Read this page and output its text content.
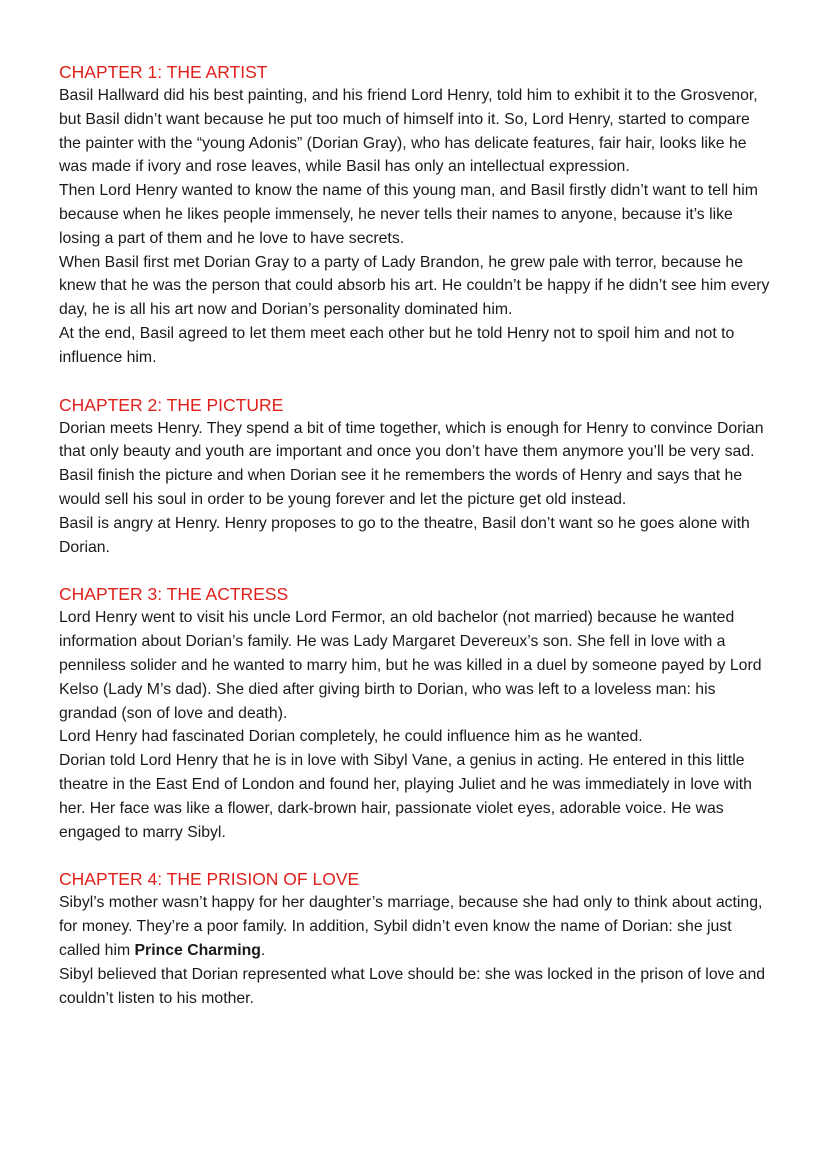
CHAPTER 1: THE ARTIST

Basil Hallward did his best painting, and his friend Lord Henry, told him to exhibit it to the Grosvenor, but Basil didn’t want because he put too much of himself into it. So, Lord Henry, started to compare the painter with the “young Adonis” (Dorian Gray), who has delicate features, fair hair, looks like he was made if ivory and rose leaves, while Basil has only an intellectual expression.

Then Lord Henry wanted to know the name of this young man, and Basil firstly didn’t want to tell him because when he likes people immensely, he never tells their names to anyone, because it’s like losing a part of them and he love to have secrets.

When Basil first met Dorian Gray to a party of Lady Brandon, he grew pale with terror, because he knew that he was the person that could absorb his art. He couldn’t be happy if he didn’t see him every day, he is all his art now and Dorian’s personality dominated him.

At the end, Basil agreed to let them meet each other but he told Henry not to spoil him and not to influence him.

CHAPTER 2: THE PICTURE

Dorian meets Henry. They spend a bit of time together, which is enough for Henry to convince Dorian that only beauty and youth are important and once you don’t have them anymore you’ll be very sad.

Basil finish the picture and when Dorian see it he remembers the words of Henry and says that he would sell his soul in order to be young forever and let the picture get old instead.

Basil is angry at Henry. Henry proposes to go to the theatre, Basil don’t want so he goes alone with Dorian.

CHAPTER 3: THE ACTRESS

Lord Henry went to visit his uncle Lord Fermor, an old bachelor (not married) because he wanted information about Dorian’s family. He was Lady Margaret Devereux’s son. She fell in love with a penniless solider and he wanted to marry him, but he was killed in a duel by someone payed by Lord Kelso (Lady M’s dad). She died after giving birth to Dorian, who was left to a loveless man: his grandad (son of love and death).

Lord Henry had fascinated Dorian completely, he could influence him as he wanted.

Dorian told Lord Henry that he is in love with Sibyl Vane, a genius in acting. He entered in this little theatre in the East End of London and found her, playing Juliet and he was immediately in love with her. Her face was like a flower, dark-brown hair, passionate violet eyes, adorable voice. He was engaged to marry Sibyl.

CHAPTER 4: THE PRISION OF LOVE

Sibyl’s mother wasn’t happy for her daughter’s marriage, because she had only to think about acting, for money. They’re a poor family. In addition, Sybil didn’t even know the name of Dorian: she just called him Prince Charming.

Sibyl believed that Dorian represented what Love should be: she was locked in the prison of love and couldn’t listen to his mother.
